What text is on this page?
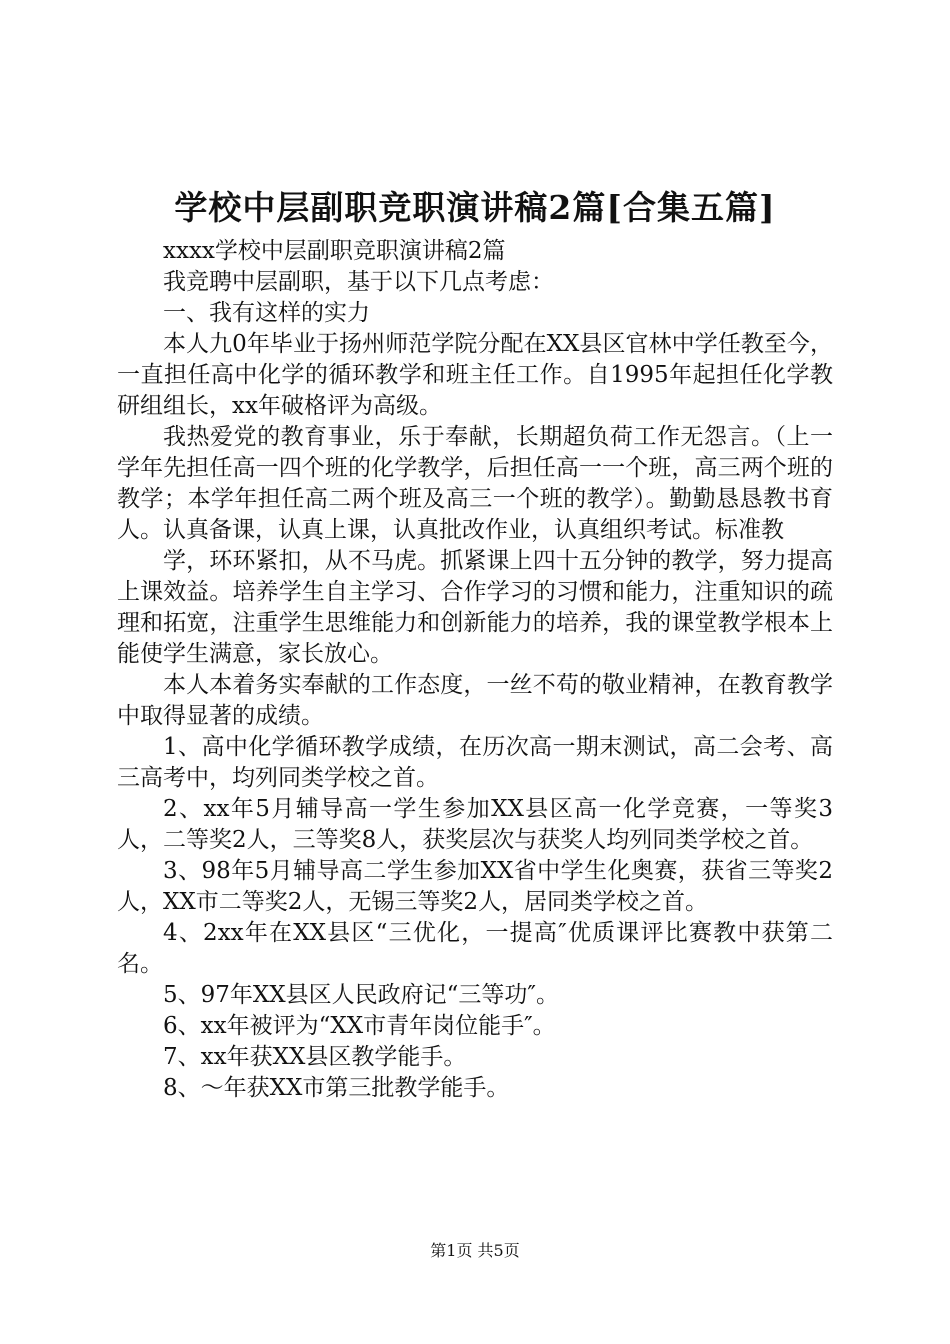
学校中层副职竞职演讲稿2篇[合集五篇]

xxxx学校中层副职竞职演讲稿2篇

我竞聘中层副职，基于以下几点考虑：

一、我有这样的实力

本人九0年毕业于扬州师范学院分配在XX县区官林中学任教至今，一直担任高中化学的循环教学和班主任工作。自1995年起担任化学教研组组长，xx年破格评为高级。

我热爱党的教育事业，乐于奉献，长期超负荷工作无怨言。（上一学年先担任高一四个班的化学教学，后担任高一一个班，高三两个班的教学；本学年担任高二两个班及高三一个班的教学）。勤勤恳恳教书育人。认真备课，认真上课，认真批改作业，认真组织考试。标准教

学，环环紧扣，从不马虎。抓紧课上四十五分钟的教学，努力提高上课效益。培养学生自主学习、合作学习的习惯和能力，注重知识的疏理和拓宽，注重学生思维能力和创新能力的培养，我的课堂教学根本上能使学生满意，家长放心。

本人本着务实奉献的工作态度，一丝不苟的敬业精神，在教育教学中取得显著的成绩。

1、高中化学循环教学成绩，在历次高一期末测试，高二会考、高三高考中，均列同类学校之首。

2、xx年5月辅导高一学生参加XX县区高一化学竞赛，一等奖3人，二等奖2人，三等奖8人，获奖层次与获奖人均列同类学校之首。

3、98年5月辅导高二学生参加XX省中学生化奥赛，获省三等奖2人，XX市二等奖2人，无锡三等奖2人，居同类学校之首。

4、2xx年在XX县区“三优化，一提高″优质课评比赛教中获第二名。

5、97年XX县区人民政府记“三等功″。

6、xx年被评为“XX市青年岗位能手″。

7、xx年获XX县区教学能手。

8、～年获XX市第三批教学能手。

第1页 共5页
